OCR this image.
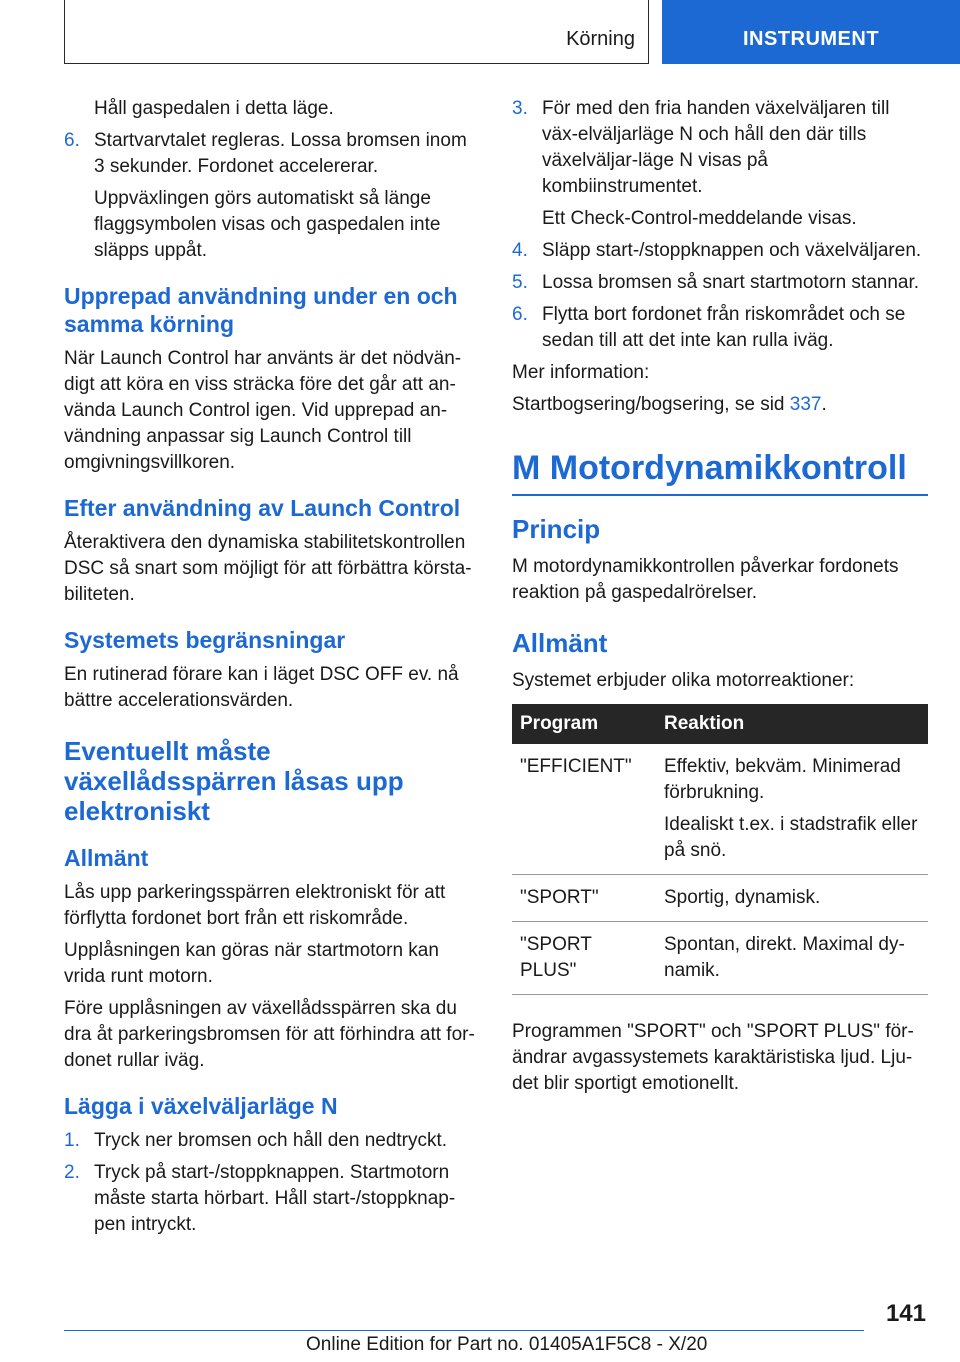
Körning	INSTRUMENT

Håll gaspedalen i detta läge.

6. Startvarvtalet regleras. Lossa bromsen inom 3 sekunder. Fordonet accelererar.

Uppväxlingen görs automatiskt så länge flaggsymbolen visas och gaspedalen inte släpps uppåt.

Upprepad användning under en och samma körning

När Launch Control har använts är det nödvän-digt att köra en viss sträcka före det går att an-vända Launch Control igen. Vid upprepad an-vändning anpassar sig Launch Control till omgivningsvillkoren.

Efter användning av Launch Control

Återaktivera den dynamiska stabilitetskontrollen DSC så snart som möjligt för att förbättra körsta-biliteten.

Systemets begränsningar

En rutinerad förare kan i läget DSC OFF ev. nå bättre accelerationsvärden.

Eventuellt måste växellådsspärren låsas upp elektroniskt
Allmänt

Lås upp parkeringsspärren elektroniskt för att förflytta fordonet bort från ett riskområde.

Upplåsningen kan göras när startmotorn kan vrida runt motorn.

Före upplåsningen av växellådsspärren ska du dra åt parkeringsbromsen för att förhindra att for-donet rullar iväg.

Lägga i växelväljarläge N

1. Tryck ner bromsen och håll den nedtryckt.

2. Tryck på start-/stoppknappen. Startmotorn måste starta hörbart. Håll start-/stoppknap-pen intryckt.

3. För med den fria handen växelväljaren till väx-elväljarläge N och håll den där tills växelväljar-läge N visas på kombiinstrumentet.

Ett Check-Control-meddelande visas.

4. Släpp start-/stoppknappen och växelväljaren.

5. Lossa bromsen så snart startmotorn stannar.

6. Flytta bort fordonet från riskområdet och se sedan till att det inte kan rulla iväg.

Mer information:

Startbogsering/bogsering, se sid 337.

M Motordynamikkontroll
Princip

M motordynamikkontrollen påverkar fordonets reaktion på gaspedalrörelser.

Allmänt

Systemet erbjuder olika motorreaktioner:

Program	Reaktion
"EFFICIENT"	Effektiv, bekväm. Minimerad förbrukning.

Idealiskt t.ex. i stadstrafik eller på snö.

"SPORT"	Sportig, dynamisk.

"SPORT PLUS"	Spontan, direkt. Maximal dy-namik.

Programmen "SPORT" och "SPORT PLUS" för-ändrar avgassystemets karaktäristiska ljud. Lju-det blir sportigt emotionellt.

141
Online Edition for Part no. 01405A1F5C8 - X/20
